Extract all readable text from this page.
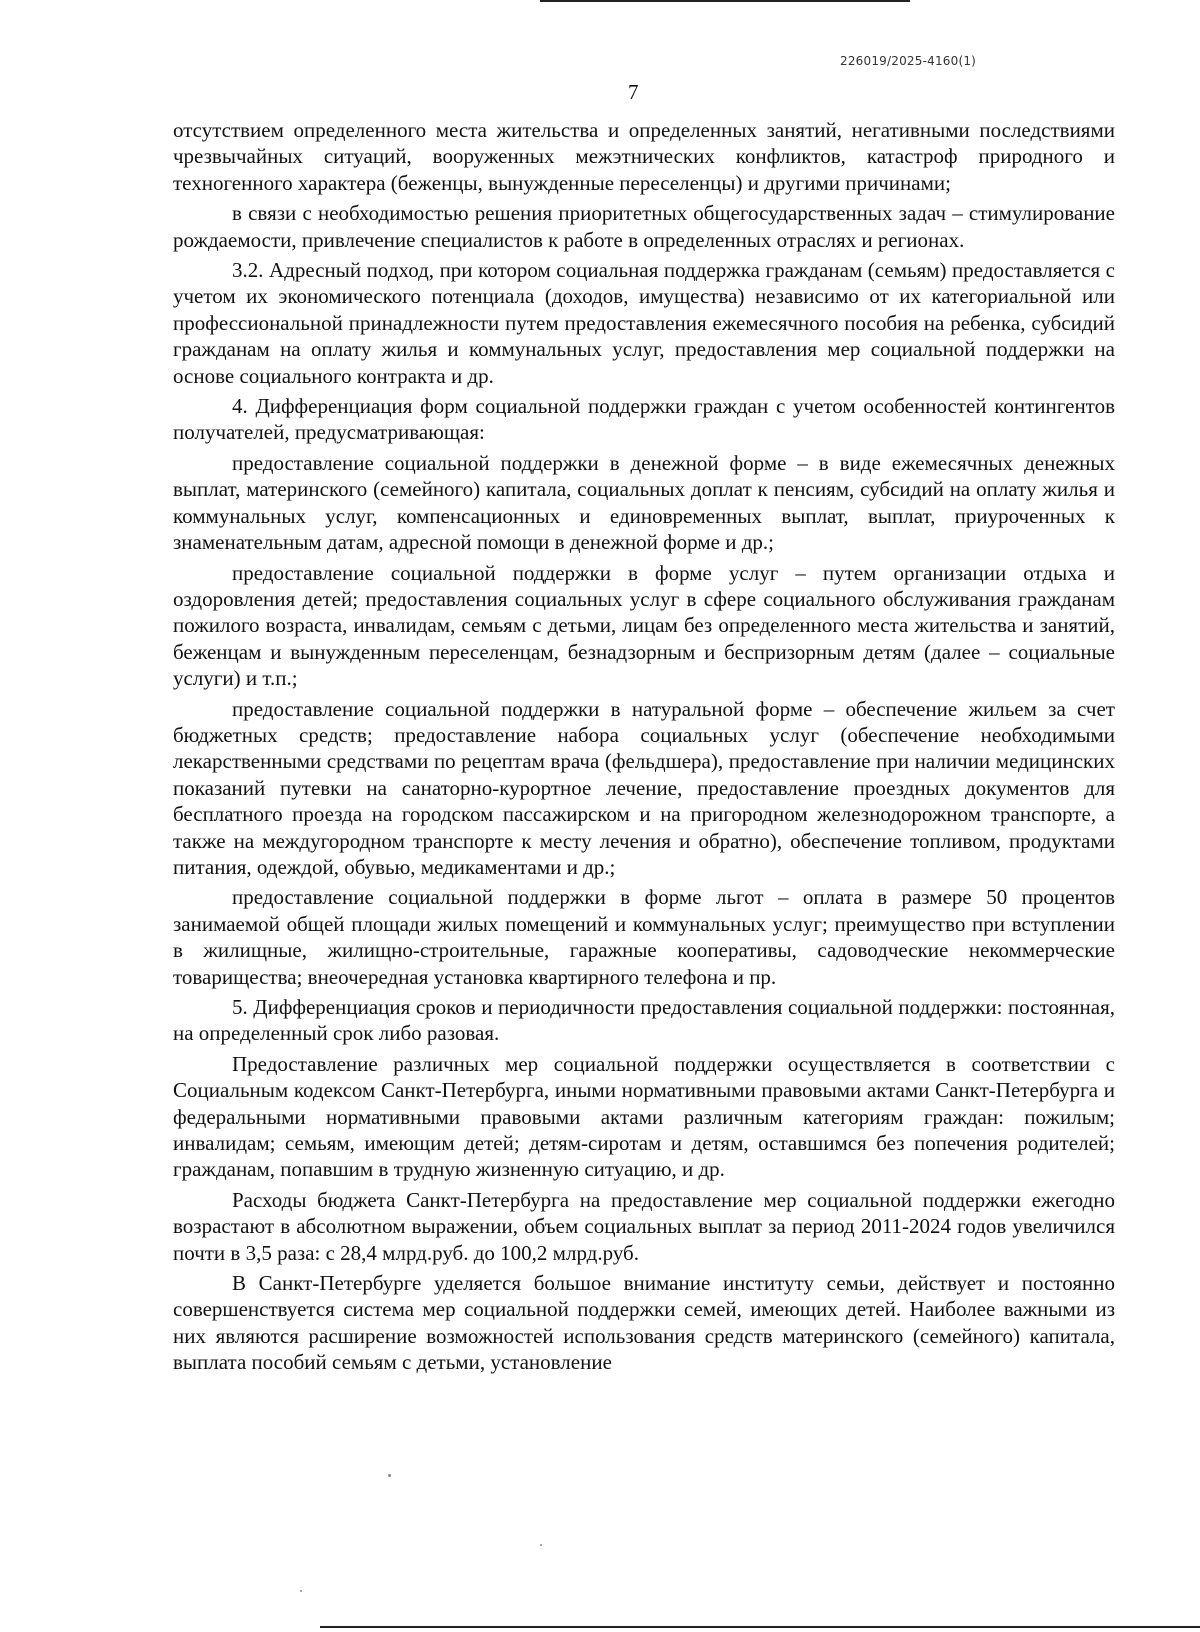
226019/2025-4160(1)
7

отсутствием определенного места жительства и определенных занятий, негативными последствиями чрезвычайных ситуаций, вооруженных межэтнических конфликтов, катастроф природного и техногенного характера (беженцы, вынужденные переселенцы) и другими причинами;

в связи с необходимостью решения приоритетных общегосударственных задач – стимулирование рождаемости, привлечение специалистов к работе в определенных отраслях и регионах.

3.2. Адресный подход, при котором социальная поддержка гражданам (семьям) предоставляется с учетом их экономического потенциала (доходов, имущества) независимо от их категориальной или профессиональной принадлежности путем предоставления ежемесячного пособия на ребенка, субсидий гражданам на оплату жилья и коммунальных услуг, предоставления мер социальной поддержки на основе социального контракта и др.

4. Дифференциация форм социальной поддержки граждан с учетом особенностей контингентов получателей, предусматривающая:

предоставление социальной поддержки в денежной форме – в виде ежемесячных денежных выплат, материнского (семейного) капитала, социальных доплат к пенсиям, субсидий на оплату жилья и коммунальных услуг, компенсационных и единовременных выплат, выплат, приуроченных к знаменательным датам, адресной помощи в денежной форме и др.;

предоставление социальной поддержки в форме услуг – путем организации отдыха и оздоровления детей; предоставления социальных услуг в сфере социального обслуживания гражданам пожилого возраста, инвалидам, семьям с детьми, лицам без определенного места жительства и занятий, беженцам и вынужденным переселенцам, безнадзорным и беспризорным детям (далее – социальные услуги) и т.п.;

предоставление социальной поддержки в натуральной форме – обеспечение жильем за счет бюджетных средств; предоставление набора социальных услуг (обеспечение необходимыми лекарственными средствами по рецептам врача (фельдшера), предоставление при наличии медицинских показаний путевки на санаторно-курортное лечение, предоставление проездных документов для бесплатного проезда на городском пассажирском и на пригородном железнодорожном транспорте, а также на междугородном транспорте к месту лечения и обратно), обеспечение топливом, продуктами питания, одеждой, обувью, медикаментами и др.;

предоставление социальной поддержки в форме льгот – оплата в размере 50 процентов занимаемой общей площади жилых помещений и коммунальных услуг; преимущество при вступлении в жилищные, жилищно-строительные, гаражные кооперативы, садоводческие некоммерческие товарищества; внеочередная установка квартирного телефона и пр.

5. Дифференциация сроков и периодичности предоставления социальной поддержки: постоянная, на определенный срок либо разовая.

Предоставление различных мер социальной поддержки осуществляется в соответствии с Социальным кодексом Санкт-Петербурга, иными нормативными правовыми актами Санкт-Петербурга и федеральными нормативными правовыми актами различным категориям граждан: пожилым; инвалидам; семьям, имеющим детей; детям-сиротам и детям, оставшимся без попечения родителей; гражданам, попавшим в трудную жизненную ситуацию, и др.

Расходы бюджета Санкт-Петербурга на предоставление мер социальной поддержки ежегодно возрастают в абсолютном выражении, объем социальных выплат за период 2011-2024 годов увеличился почти в 3,5 раза: с 28,4 млрд.руб. до 100,2 млрд.руб.

В Санкт-Петербурге уделяется большое внимание институту семьи, действует и постоянно совершенствуется система мер социальной поддержки семей, имеющих детей. Наиболее важными из них являются расширение возможностей использования средств материнского (семейного) капитала, выплата пособий семьям с детьми, установление
